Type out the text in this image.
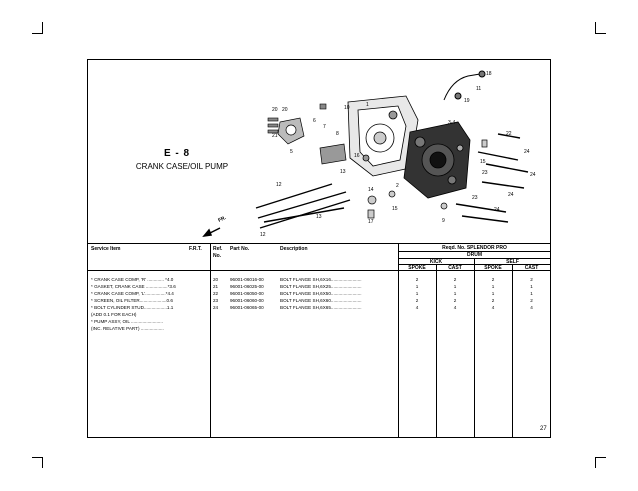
FR.
18
11
19
10
20 20
21
6
7
8
5
1
3-4
22
24
15
23	24
13
16
14
2
15
17	9
23
24
24
12
13
12
E - 8
CRANK CASE/OIL PUMP
Service Item	F.R.T. Ref. No.
Part No.	Description	Reqd. No. SPLENDOR PRO
DRUM
KICK	SELF
SPOKE	CAST	SPOKE	CAST
* CRANK CASE COMP, 'R' ............. *4.0
* GASKET, CRANK CASE .................*3.6
* CRANK CASE COMP, 'L'................*4.4
* SCREEN, OIL FILTER.....................0.6
* BOLT CYLINDER STUD..................1.1
(ADD 0.1 FOR EACH)
* PUMP ASSY, OIL .........................
(INC. RELATIVE PART) ..................
20	96001-06016-00	BOLT FLANGE SH,6X16........................	2	2	2	2
21	96001-06025-00	BOLT FLANGE SH,6X25........................	1	1	1	1
22	96001-06050-00	BOLT FLANGE SH,6X50........................	1	1	1	1
23	96001-06060-00	BOLT FLANGE SH,6X60........................	2	2	2	2
24	96001-06065-00	BOLT FLANGE SH,6X65........................	4	4	4	4
27
